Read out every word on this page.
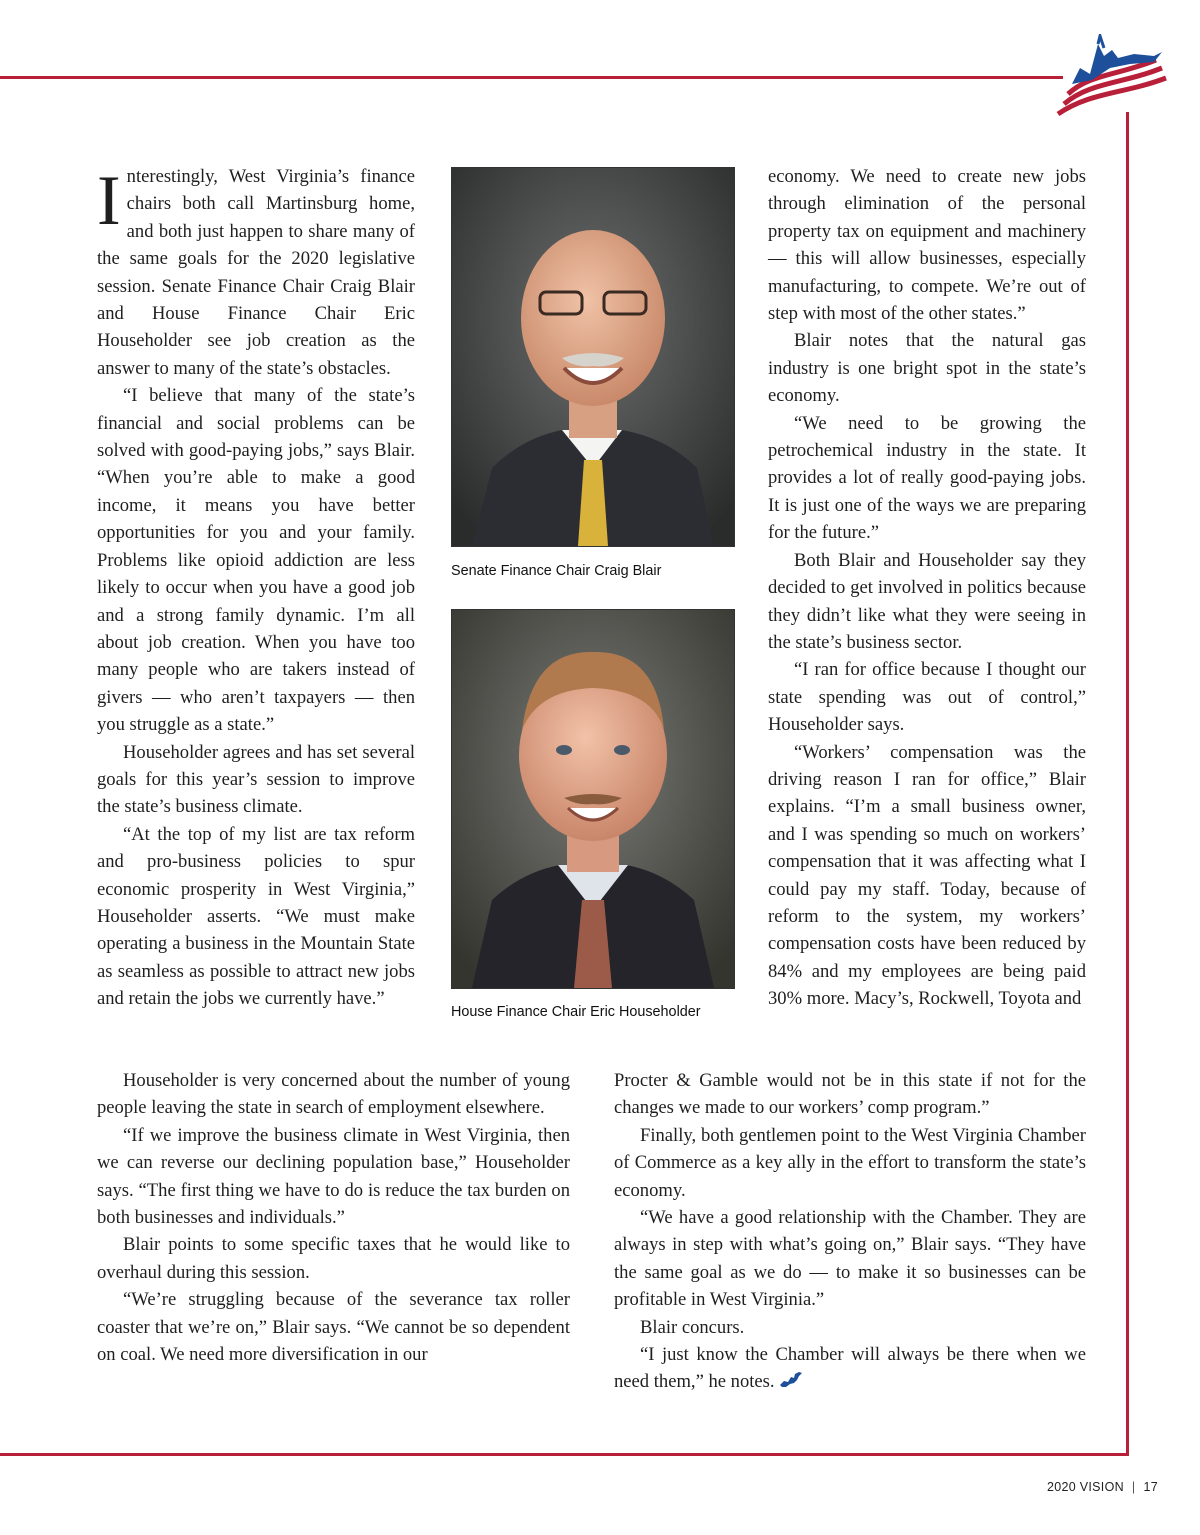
Interestingly, West Virginia’s finance chairs both call Martinsburg home, and both just happen to share many of the same goals for the 2020 legislative session. Senate Finance Chair Craig Blair and House Finance Chair Eric Householder see job creation as the answer to many of the state’s obstacles.

“I believe that many of the state’s financial and social problems can be solved with good-paying jobs,” says Blair. “When you’re able to make a good income, it means you have better opportunities for you and your family. Problems like opioid addiction are less likely to occur when you have a good job and a strong family dynamic. I’m all about job creation. When you have too many people who are takers instead of givers — who aren’t taxpayers — then you struggle as a state.”

Householder agrees and has set several goals for this year’s session to improve the state’s business climate.

“At the top of my list are tax reform and pro-business policies to spur economic prosperity in West Virginia,” Householder asserts. “We must make operating a business in the Mountain State as seamless as possible to attract new jobs and retain the jobs we currently have.”

Householder is very concerned about the number of young people leaving the state in search of employment elsewhere.

“If we improve the business climate in West Virginia, then we can reverse our declining population base,” Householder says. “The first thing we have to do is reduce the tax burden on both businesses and individuals.”

Blair points to some specific taxes that he would like to overhaul during this session.

“We’re struggling because of the severance tax roller coaster that we’re on,” Blair says. “We cannot be so dependent on coal. We need more diversification in our

Senate Finance Chair Craig Blair
House Finance Chair Eric Householder

economy. We need to create new jobs through elimination of the personal property tax on equipment and machinery — this will allow businesses, especially manufacturing, to compete. We’re out of step with most of the other states.”

Blair notes that the natural gas industry is one bright spot in the state’s economy.

“We need to be growing the petrochemical industry in the state. It provides a lot of really good-paying jobs. It is just one of the ways we are preparing for the future.”

Both Blair and Householder say they decided to get involved in politics because they didn’t like what they were seeing in the state’s business sector.

“I ran for office because I thought our state spending was out of control,” Householder says.

“Workers’ compensation was the driving reason I ran for office,” Blair explains. “I’m a small business owner, and I was spending so much on workers’ compensation that it was affecting what I could pay my staff. Today, because of reform to the system, my workers’ compensation costs have been reduced by 84% and my employees are being paid 30% more. Macy’s, Rockwell, Toyota and

Procter & Gamble would not be in this state if not for the changes we made to our workers’ comp program.”

Finally, both gentlemen point to the West Virginia Chamber of Commerce as a key ally in the effort to transform the state’s economy.

“We have a good relationship with the Chamber. They are always in step with what’s going on,” Blair says. “They have the same goal as we do — to make it so businesses can be profitable in West Virginia.”

Blair concurs.

“I just know the Chamber will always be there when we need them,” he notes.

2020 VISION | 17
